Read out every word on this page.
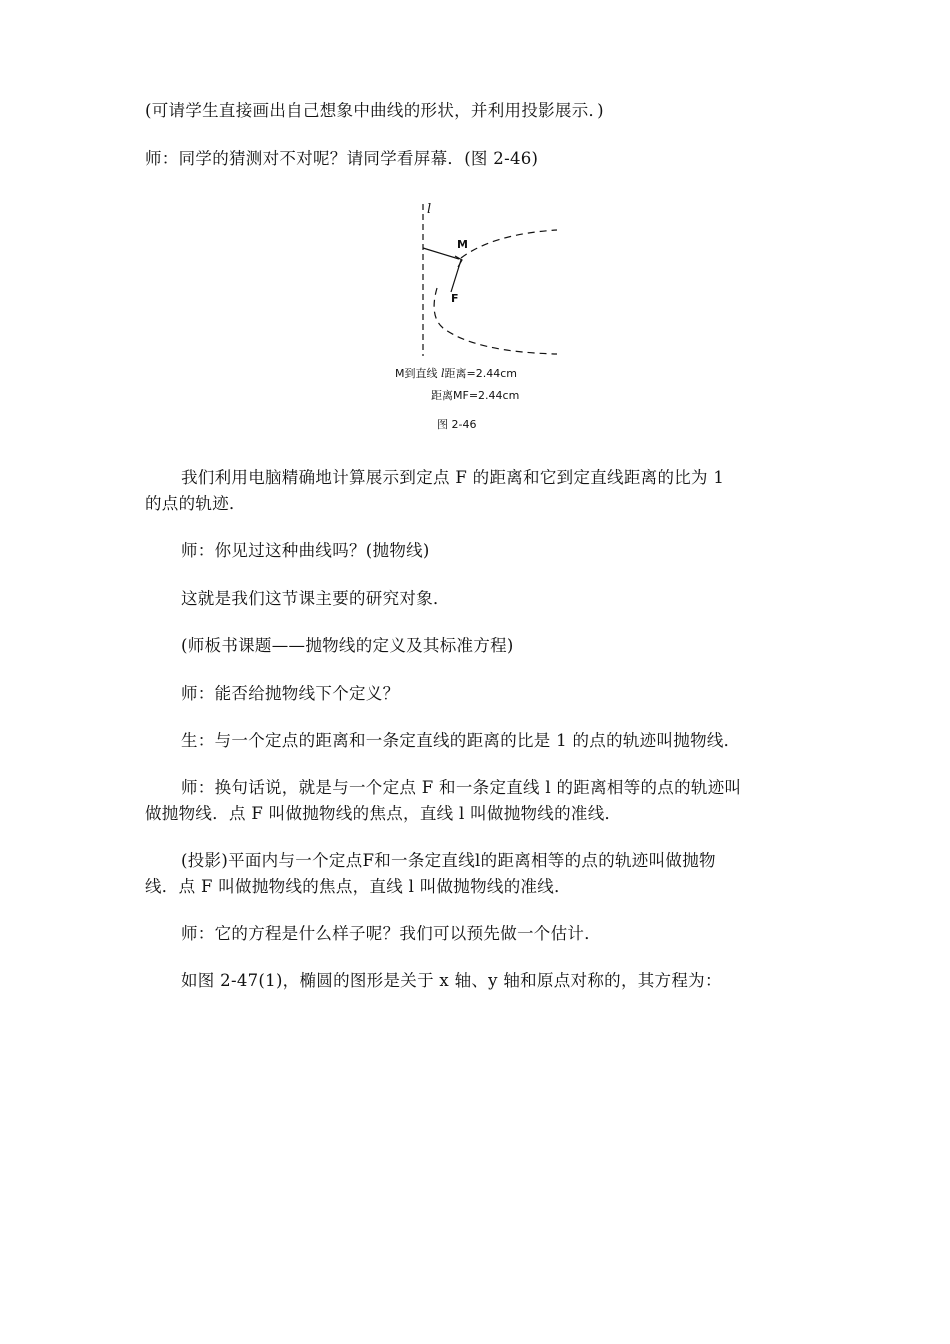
(可请学生直接画出自己想象中曲线的形状，并利用投影展示．)

师：同学的猜测对不对呢？请同学看屏幕．(图 2-46)

l
M
F
M到直线 l距离=2.44cm
距离MF=2.44cm
图 2-46

我们利用电脑精确地计算展示到定点 F 的距离和它到定直线距离的比为 1

的点的轨迹．

师：你见过这种曲线吗？(抛物线)

这就是我们这节课主要的研究对象．

(师板书课题——抛物线的定义及其标准方程)

师：能否给抛物线下个定义？

生：与一个定点的距离和一条定直线的距离的比是 1 的点的轨迹叫抛物线．

师：换句话说，就是与一个定点 F 和一条定直线 l 的距离相等的点的轨迹叫

做抛物线．点 F 叫做抛物线的焦点，直线 l 叫做抛物线的准线．

(投影)平面内与一个定点F和一条定直线l的距离相等的点的轨迹叫做抛物

线．点 F 叫做抛物线的焦点，直线 l 叫做抛物线的准线．

师：它的方程是什么样子呢？我们可以预先做一个估计．

如图 2-47(1)，椭圆的图形是关于 x 轴、y 轴和原点对称的，其方程为：
